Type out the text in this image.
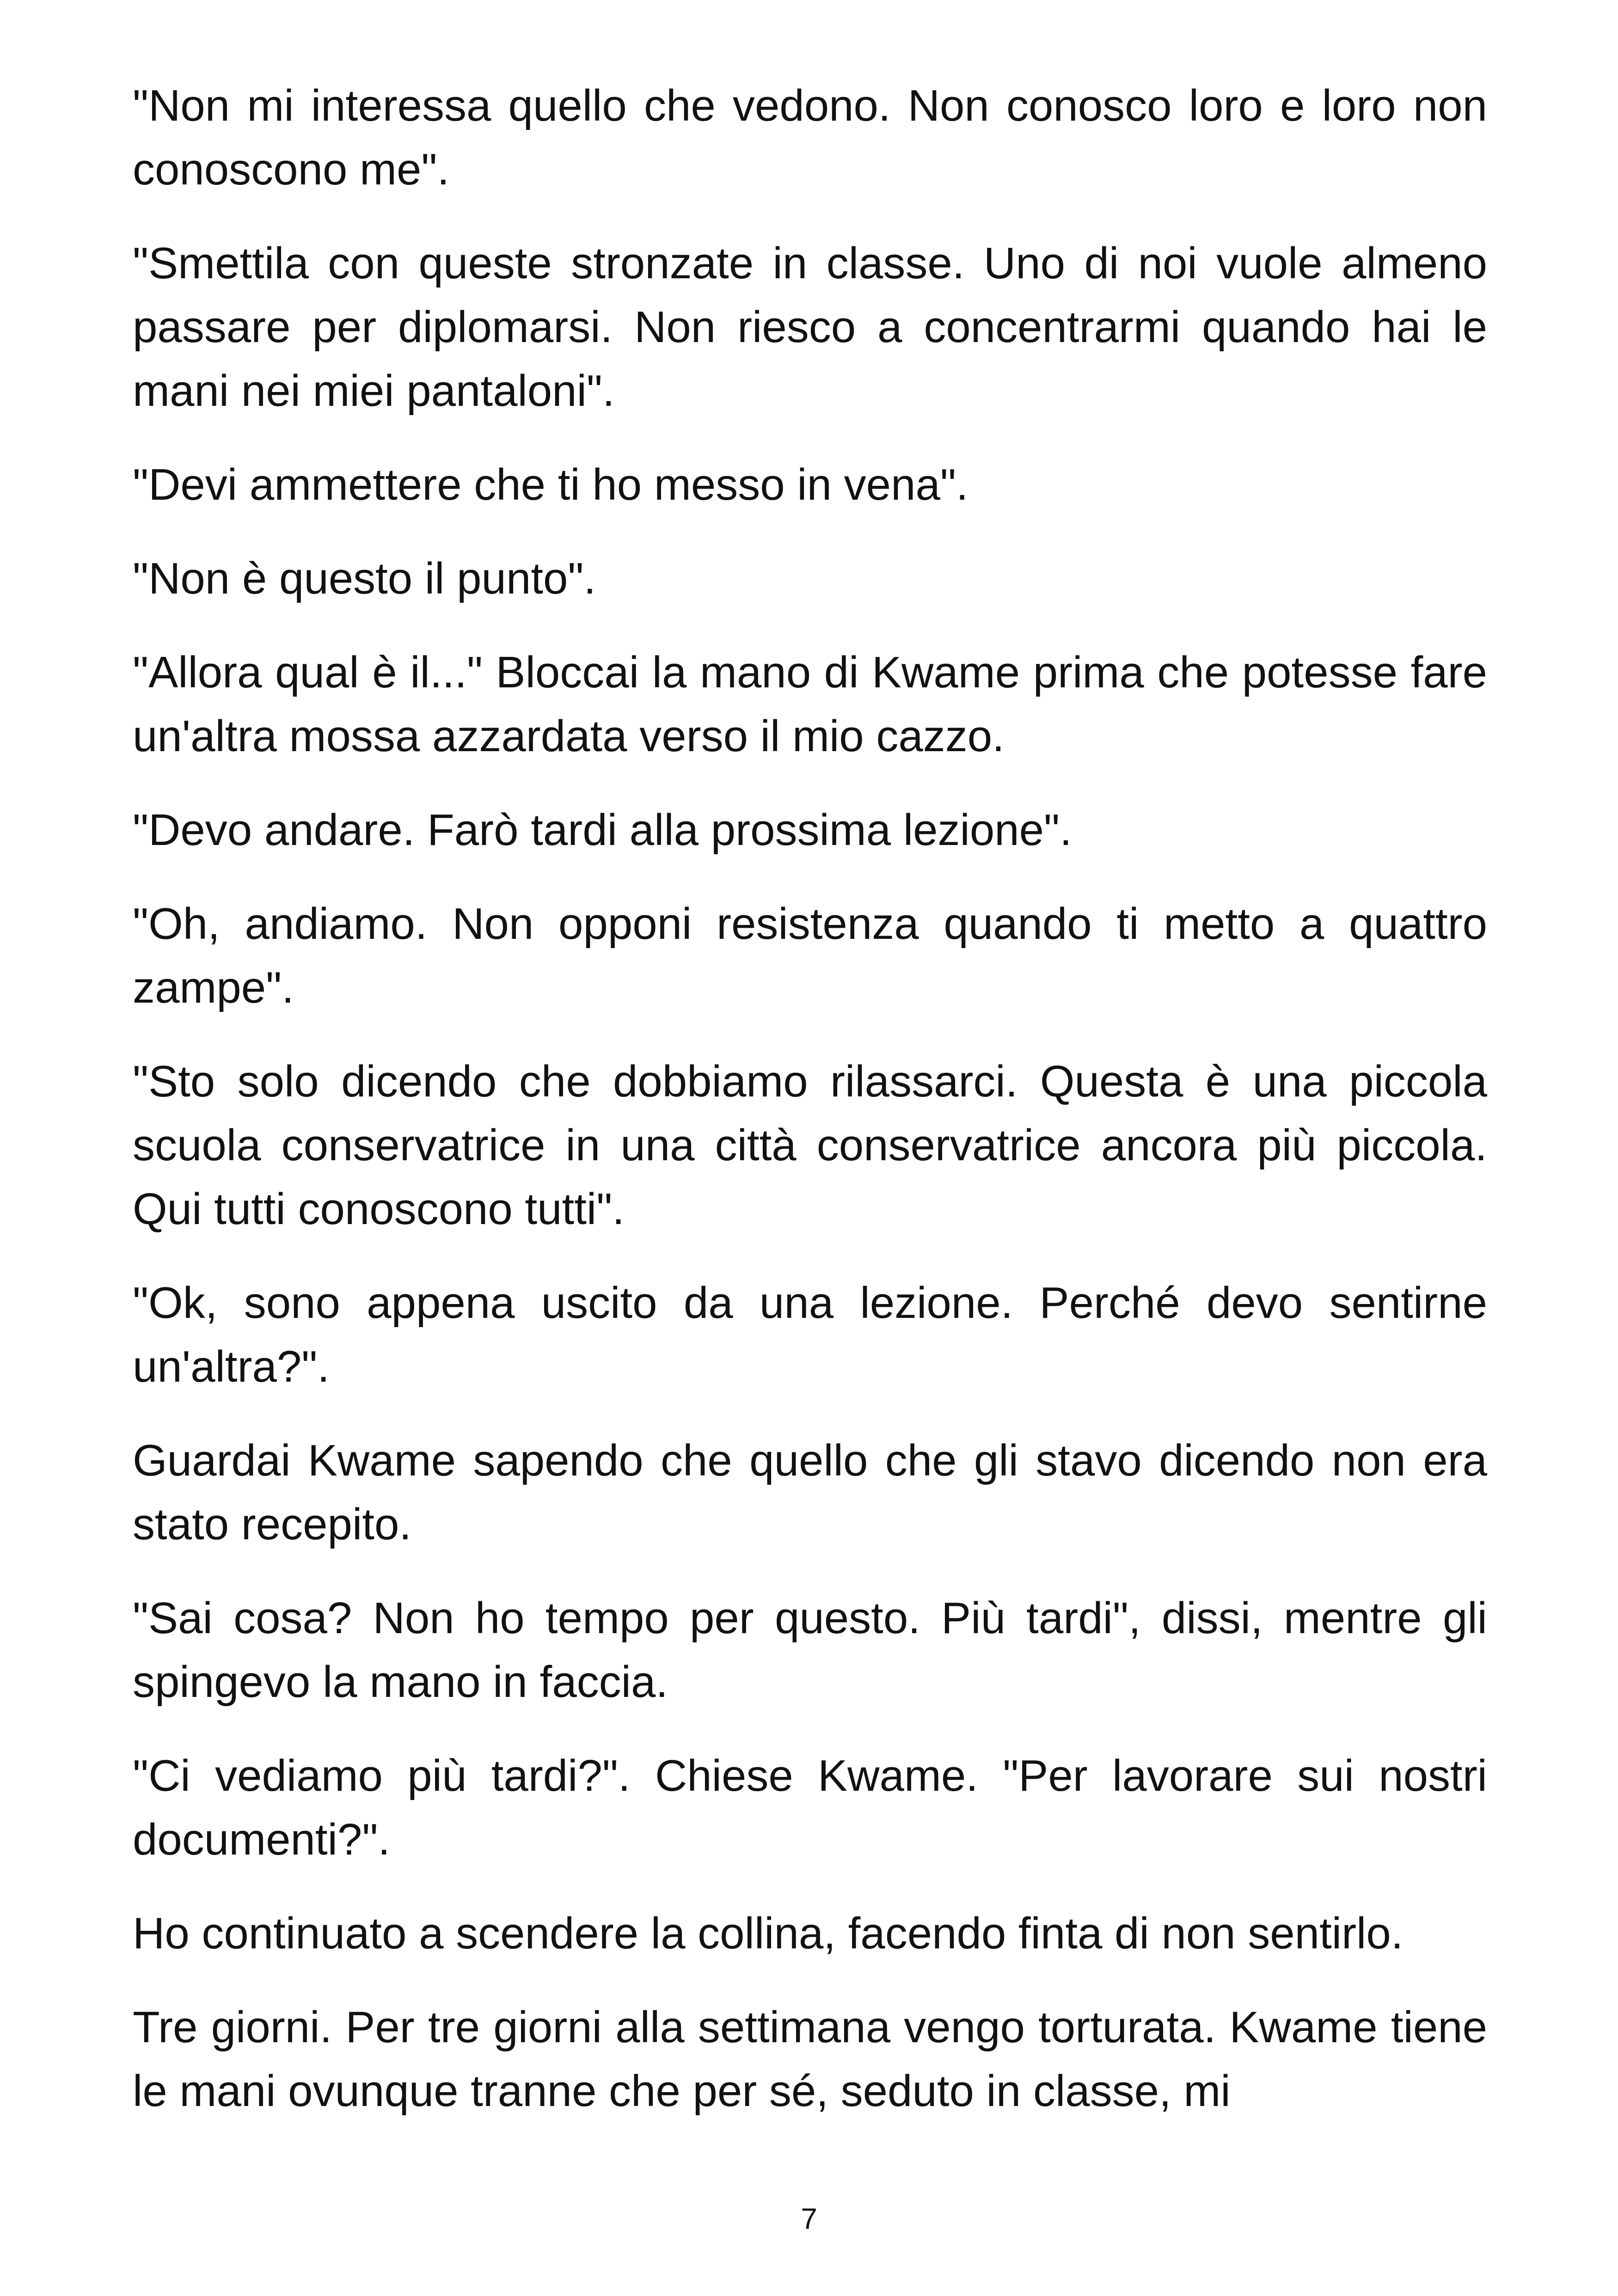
"Non mi interessa quello che vedono. Non conosco loro e loro non conoscono me".

"Smettila con queste stronzate in classe. Uno di noi vuole almeno passare per diplomarsi. Non riesco a concentrarmi quando hai le mani nei miei pantaloni".

"Devi ammettere che ti ho messo in vena".

"Non è questo il punto".

"Allora qual è il..." Bloccai la mano di Kwame prima che potesse fare un'altra mossa azzardata verso il mio cazzo.

"Devo andare. Farò tardi alla prossima lezione".

"Oh, andiamo. Non opponi resistenza quando ti metto a quattro zampe".

"Sto solo dicendo che dobbiamo rilassarci. Questa è una piccola scuola conservatrice in una città conservatrice ancora più piccola. Qui tutti conoscono tutti".

"Ok, sono appena uscito da una lezione. Perché devo sentirne un'altra?".

Guardai Kwame sapendo che quello che gli stavo dicendo non era stato recepito.

"Sai cosa? Non ho tempo per questo. Più tardi", dissi, mentre gli spingevo la mano in faccia.

"Ci vediamo più tardi?". Chiese Kwame. "Per lavorare sui nostri documenti?".

Ho continuato a scendere la collina, facendo finta di non sentirlo.

Tre giorni. Per tre giorni alla settimana vengo torturata. Kwame tiene le mani ovunque tranne che per sé, seduto in classe, mi

7
